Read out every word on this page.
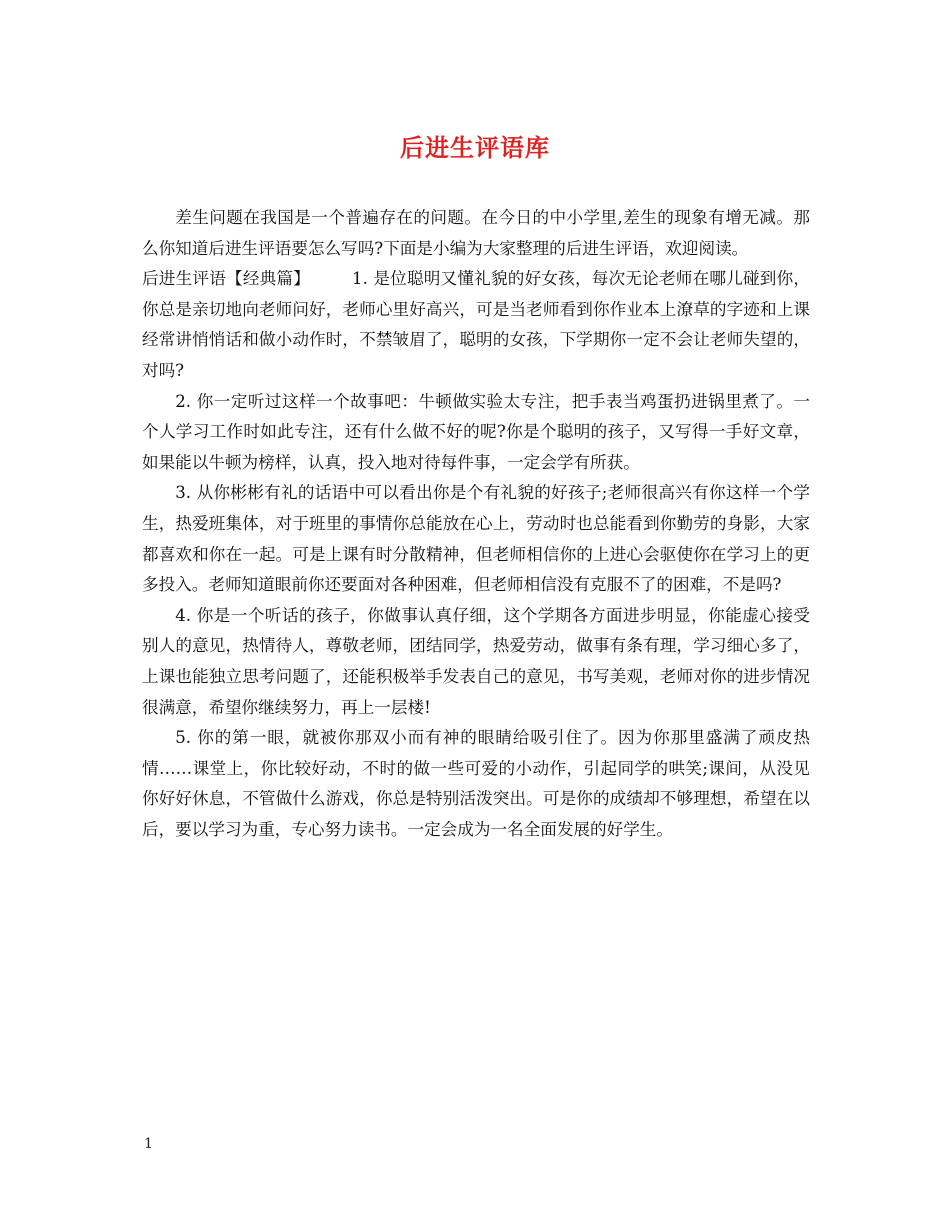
后进生评语库

差生问题在我国是一个普遍存在的问题。在今日的中小学里,差生的现象有增无减。那么你知道后进生评语要怎么写吗?下面是小编为大家整理的后进生评语，欢迎阅读。

后进生评语【经典篇】	1. 是位聪明又懂礼貌的好女孩，每次无论老师在哪儿碰到你，你总是亲切地向老师问好，老师心里好高兴，可是当老师看到你作业本上潦草的字迹和上课经常讲悄悄话和做小动作时，不禁皱眉了，聪明的女孩，下学期你一定不会让老师失望的，对吗?

2. 你一定听过这样一个故事吧：牛顿做实验太专注，把手表当鸡蛋扔进锅里煮了。一个人学习工作时如此专注，还有什么做不好的呢?你是个聪明的孩子，又写得一手好文章，如果能以牛顿为榜样，认真，投入地对待每件事，一定会学有所获。

3. 从你彬彬有礼的话语中可以看出你是个有礼貌的好孩子;老师很高兴有你这样一个学生，热爱班集体，对于班里的事情你总能放在心上，劳动时也总能看到你勤劳的身影，大家都喜欢和你在一起。可是上课有时分散精神，但老师相信你的上进心会驱使你在学习上的更多投入。老师知道眼前你还要面对各种困难，但老师相信没有克服不了的困难，不是吗?

4. 你是一个听话的孩子，你做事认真仔细，这个学期各方面进步明显，你能虚心接受别人的意见，热情待人，尊敬老师，团结同学，热爱劳动，做事有条有理，学习细心多了，上课也能独立思考问题了，还能积极举手发表自己的意见，书写美观，老师对你的进步情况很满意，希望你继续努力，再上一层楼!

5. 你的第一眼，就被你那双小而有神的眼睛给吸引住了。因为你那里盛满了顽皮热情……课堂上，你比较好动，不时的做一些可爱的小动作，引起同学的哄笑;课间，从没见你好好休息，不管做什么游戏，你总是特别活泼突出。可是你的成绩却不够理想，希望在以后，要以学习为重，专心努力读书。一定会成为一名全面发展的好学生。

1
